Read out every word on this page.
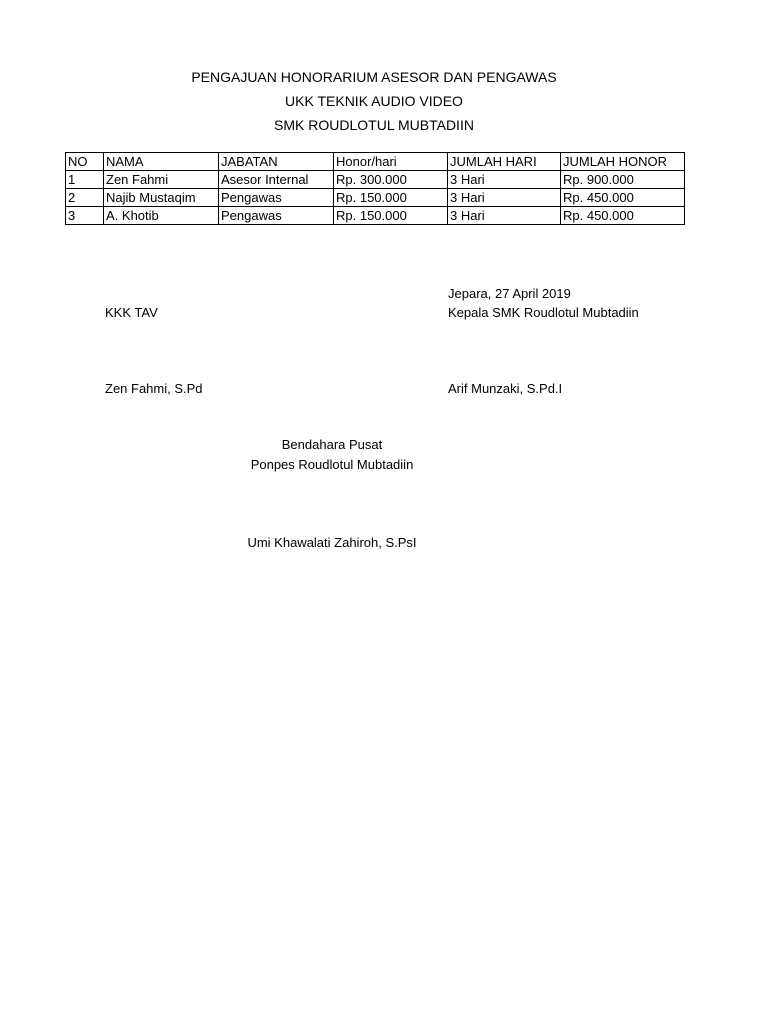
PENGAJUAN HONORARIUM ASESOR DAN PENGAWAS
UKK TEKNIK AUDIO VIDEO
SMK ROUDLOTUL MUBTADIIN
NO	NAMA	JABATAN	Honor/hari	JUMLAH HARI	JUMLAH HONOR
1	Zen Fahmi	Asesor Internal	Rp. 300.000	3 Hari	Rp. 900.000
2	Najib Mustaqim	Pengawas	Rp. 150.000	3 Hari	Rp. 450.000
3	A. Khotib	Pengawas	Rp. 150.000	3 Hari	Rp. 450.000
Jepara, 27 April 2019
KKK TAV	Kepala SMK Roudlotul Mubtadiin
Zen Fahmi, S.Pd	Arif Munzaki, S.Pd.I
Bendahara Pusat
Ponpes Roudlotul Mubtadiin
Umi Khawalati Zahiroh, S.PsI
